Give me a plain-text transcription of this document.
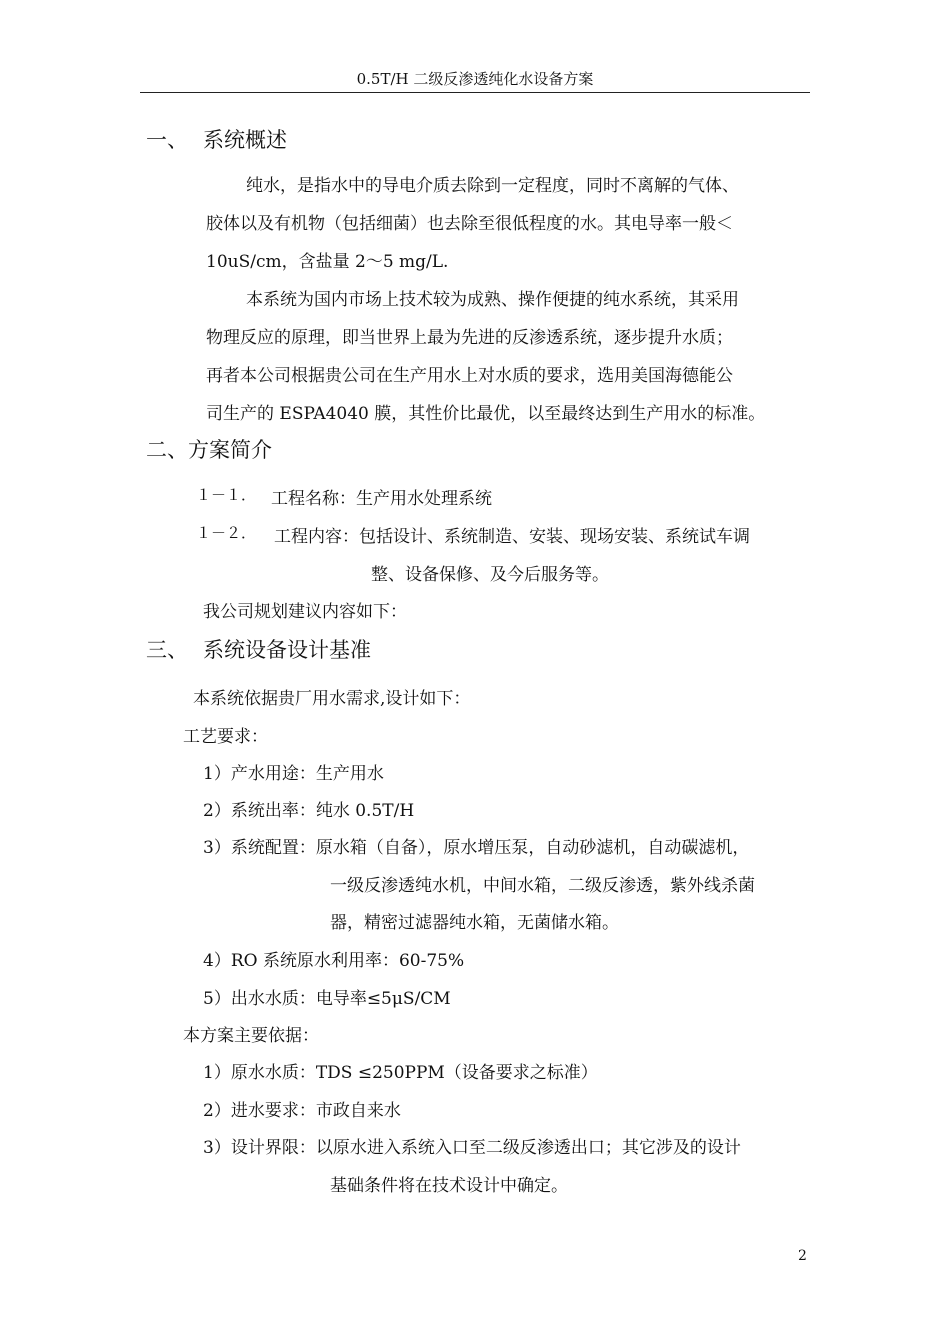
0.5T/H 二级反渗透纯化水设备方案
一、 系统概述
纯水，是指水中的导电介质去除到一定程度，同时不离解的气体、
胶体以及有机物（包括细菌）也去除至很低程度的水。其电导率一般＜
10uS/cm，含盐量 2～5 mg/L.
本系统为国内市场上技术较为成熟、操作便捷的纯水系统，其采用
物理反应的原理，即当世界上最为先进的反渗透系统，逐步提升水质；
再者本公司根据贵公司在生产用水上对水质的要求，选用美国海德能公
司生产的 ESPA4040 膜，其性价比最优，以至最终达到生产用水的标准。
二、方案简介
１－１． 工程名称：生产用水处理系统
１－２． 工程内容：包括设计、系统制造、安装、现场安装、系统试车调
整、设备保修、及今后服务等。
我公司规划建议内容如下：
三、 系统设备设计基准
本系统依据贵厂用水需求,设计如下：
工艺要求：
1）产水用途：生产用水
2）系统出率：纯水 0.5T/H
3）系统配置：原水箱（自备），原水增压泵，自动砂滤机，自动碳滤机，
一级反渗透纯水机，中间水箱，二级反渗透，紫外线杀菌
器，精密过滤器纯水箱，无菌储水箱。
4）RO 系统原水利用率：60-75%
5）出水水质：电导率≤5μS/CM
本方案主要依据：
1）原水水质：TDS ≤250PPM（设备要求之标准）
2）进水要求：市政自来水
3）设计界限：以原水进入系统入口至二级反渗透出口；其它涉及的设计
基础条件将在技术设计中确定。
2
